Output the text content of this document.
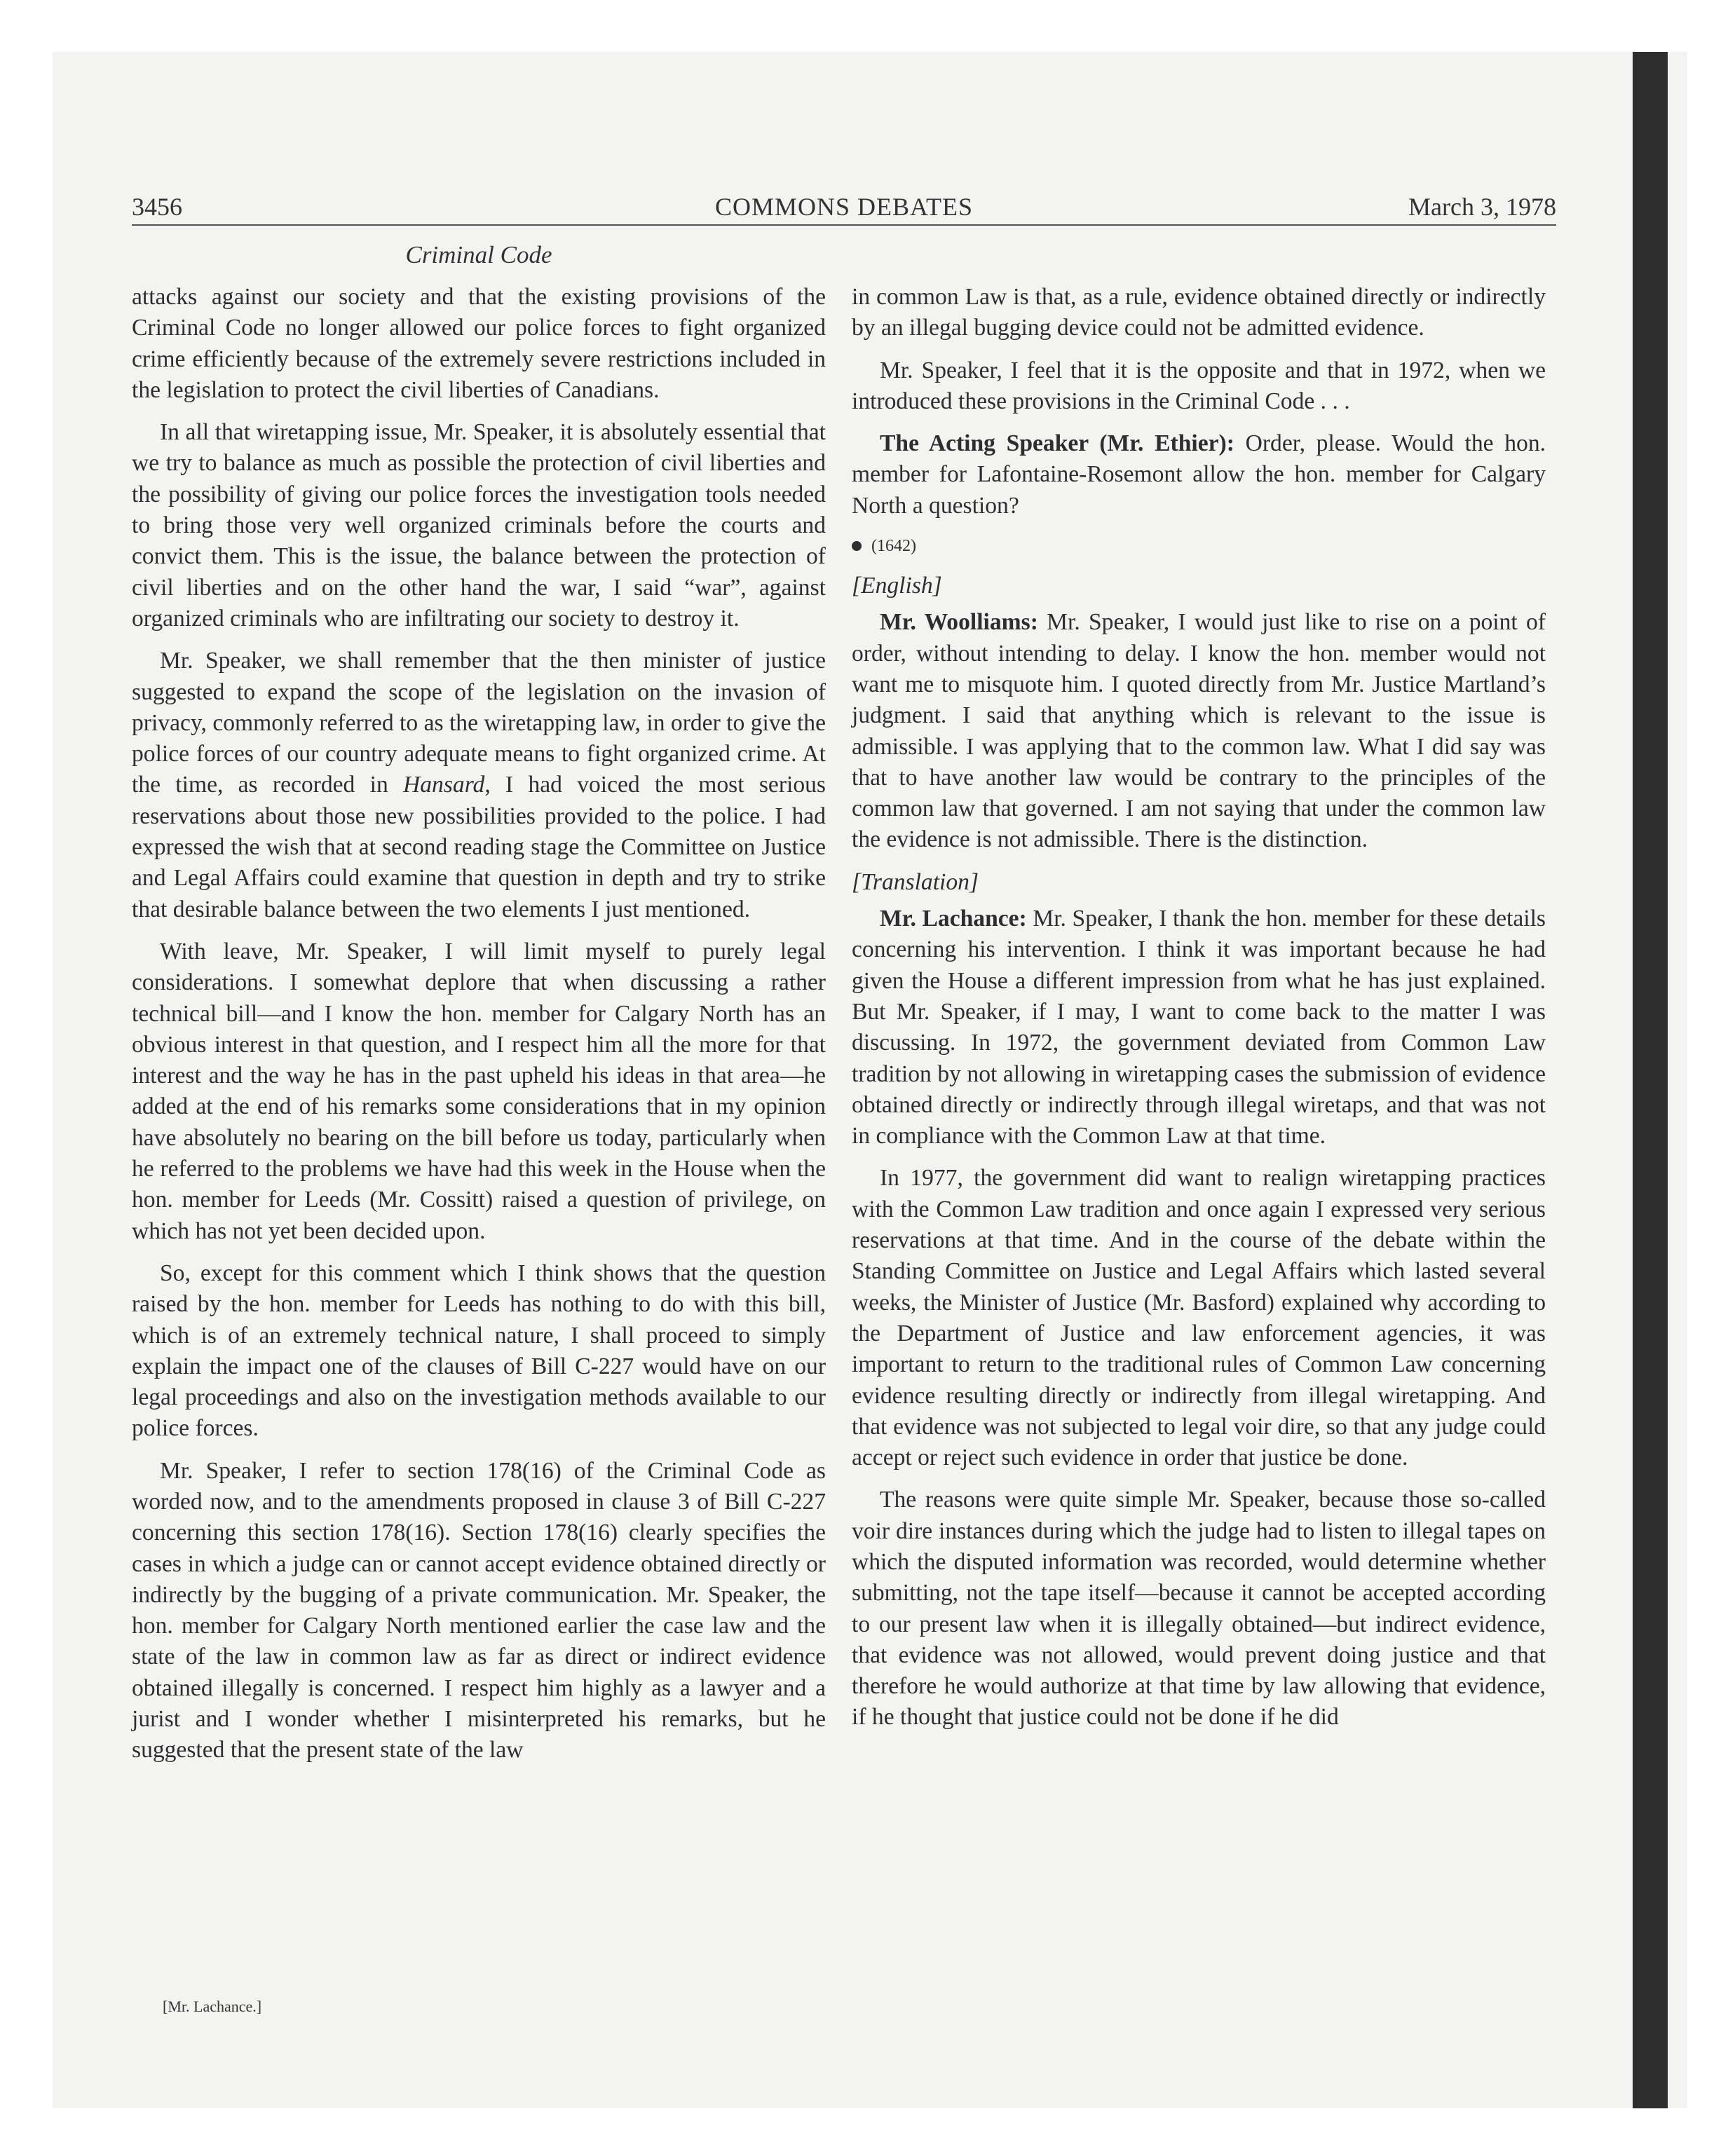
3456	COMMONS DEBATES	March 3, 1978
Criminal Code

attacks against our society and that the existing provisions of the Criminal Code no longer allowed our police forces to fight organized crime efficiently because of the extremely severe restrictions included in the legislation to protect the civil liberties of Canadians.

In all that wiretapping issue, Mr. Speaker, it is absolutely essential that we try to balance as much as possible the protection of civil liberties and the possibility of giving our police forces the investigation tools needed to bring those very well organized criminals before the courts and convict them. This is the issue, the balance between the protection of civil liberties and on the other hand the war, I said “war”, against organized criminals who are infiltrating our society to destroy it.

Mr. Speaker, we shall remember that the then minister of justice suggested to expand the scope of the legislation on the invasion of privacy, commonly referred to as the wiretapping law, in order to give the police forces of our country adequate means to fight organized crime. At the time, as recorded in Hansard, I had voiced the most serious reservations about those new possibilities provided to the police. I had expressed the wish that at second reading stage the Committee on Justice and Legal Affairs could examine that question in depth and try to strike that desirable balance between the two elements I just mentioned.

With leave, Mr. Speaker, I will limit myself to purely legal considerations. I somewhat deplore that when discussing a rather technical bill—and I know the hon. member for Calgary North has an obvious interest in that question, and I respect him all the more for that interest and the way he has in the past upheld his ideas in that area—he added at the end of his remarks some considerations that in my opinion have absolutely no bearing on the bill before us today, particularly when he referred to the problems we have had this week in the House when the hon. member for Leeds (Mr. Cossitt) raised a question of privilege, on which has not yet been decided upon.

So, except for this comment which I think shows that the question raised by the hon. member for Leeds has nothing to do with this bill, which is of an extremely technical nature, I shall proceed to simply explain the impact one of the clauses of Bill C-227 would have on our legal proceedings and also on the investigation methods available to our police forces.

Mr. Speaker, I refer to section 178(16) of the Criminal Code as worded now, and to the amendments proposed in clause 3 of Bill C-227 concerning this section 178(16). Section 178(16) clearly specifies the cases in which a judge can or cannot accept evidence obtained directly or indirectly by the bugging of a private communication. Mr. Speaker, the hon. member for Calgary North mentioned earlier the case law and the state of the law in common law as far as direct or indirect evidence obtained illegally is concerned. I respect him highly as a lawyer and a jurist and I wonder whether I misinterpreted his remarks, but he suggested that the present state of the law

[Mr. Lachance.]

in common Law is that, as a rule, evidence obtained directly or indirectly by an illegal bugging device could not be admitted evidence.

Mr. Speaker, I feel that it is the opposite and that in 1972, when we introduced these provisions in the Criminal Code . . .

The Acting Speaker (Mr. Ethier): Order, please. Would the hon. member for Lafontaine-Rosemont allow the hon. member for Calgary North a question?

(1642)

[English]

Mr. Woolliams: Mr. Speaker, I would just like to rise on a point of order, without intending to delay. I know the hon. member would not want me to misquote him. I quoted directly from Mr. Justice Martland’s judgment. I said that anything which is relevant to the issue is admissible. I was applying that to the common law. What I did say was that to have another law would be contrary to the principles of the common law that governed. I am not saying that under the common law the evidence is not admissible. There is the distinction.

[Translation]

Mr. Lachance: Mr. Speaker, I thank the hon. member for these details concerning his intervention. I think it was important because he had given the House a different impression from what he has just explained. But Mr. Speaker, if I may, I want to come back to the matter I was discussing. In 1972, the government deviated from Common Law tradition by not allowing in wiretapping cases the submission of evidence obtained directly or indirectly through illegal wiretaps, and that was not in compliance with the Common Law at that time.

In 1977, the government did want to realign wiretapping practices with the Common Law tradition and once again I expressed very serious reservations at that time. And in the course of the debate within the Standing Committee on Justice and Legal Affairs which lasted several weeks, the Minister of Justice (Mr. Basford) explained why according to the Department of Justice and law enforcement agencies, it was important to return to the traditional rules of Common Law concerning evidence resulting directly or indirectly from illegal wiretapping. And that evidence was not subjected to legal voir dire, so that any judge could accept or reject such evidence in order that justice be done.

The reasons were quite simple Mr. Speaker, because those so-called voir dire instances during which the judge had to listen to illegal tapes on which the disputed information was recorded, would determine whether submitting, not the tape itself—because it cannot be accepted according to our present law when it is illegally obtained—but indirect evidence, that evidence was not allowed, would prevent doing justice and that therefore he would authorize at that time by law allowing that evidence, if he thought that justice could not be done if he did
